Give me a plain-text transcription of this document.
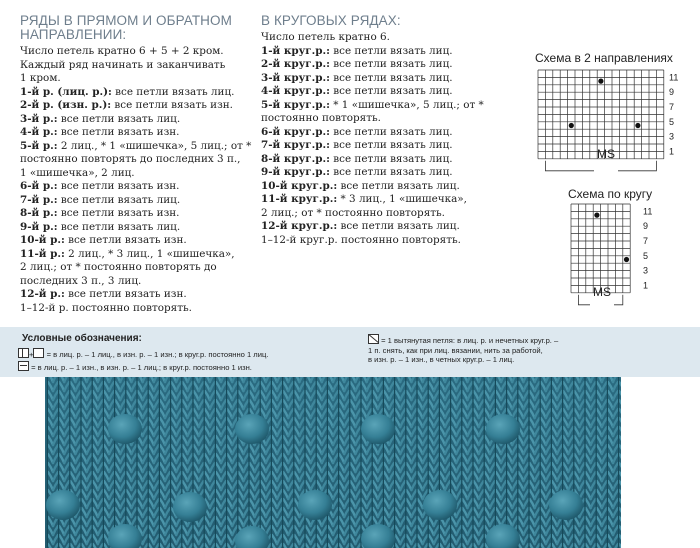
РЯДЫ В ПРЯМОМ И ОБРАТНОМ
НАПРАВЛЕНИИ:
Число петель кратно 6 + 5 + 2 кром.
Каждый ряд начинать и заканчивать
1 кром.
1-й р. (лиц. р.): все петли вязать лиц.
2-й р. (изн. р.): все петли вязать изн.
3-й р.: все петли вязать лиц.
4-й р.: все петли вязать изн.
5-й р.: 2 лиц., * 1 «шишечка», 5 лиц.; от *
постоянно повторять до последних 3 п.,
1 «шишечка», 2 лиц.
6-й р.: все петли вязать изн.
7-й р.: все петли вязать лиц.
8-й р.: все петли вязать изн.
9-й р.: все петли вязать лиц.
10-й р.: все петли вязать изн.
11-й р.: 2 лиц., * 3 лиц., 1 «шишечка»,
2 лиц.; от * постоянно повторять до
последних 3 п., 3 лиц.
12-й р.: все петли вязать изн.
1–12-й р. постоянно повторять.
В КРУГОВЫХ РЯДАХ:
Число петель кратно 6.
1-й круг.р.: все петли вязать лиц.
2-й круг.р.: все петли вязать лиц.
3-й круг.р.: все петли вязать лиц.
4-й круг.р.: все петли вязать лиц.
5-й круг.р.: * 1 «шишечка», 5 лиц.; от *
постоянно повторять.
6-й круг.р.: все петли вязать лиц.
7-й круг.р.: все петли вязать лиц.
8-й круг.р.: все петли вязать лиц.
9-й круг.р.: все петли вязать лиц.
10-й круг.р.: все петли вязать лиц.
11-й круг.р.: * 3 лиц., 1 «шишечка»,
2 лиц.; от * постоянно повторять.
12-й круг.р.: все петли вязать лиц.
1–12-й круг.р. постоянно повторять.
Схема в 2 направлениях
11
9
7
5
3
1
MS
Схема по кругу
11
9
7
5
3
1
MS
Условные обозначения:
+ = в лиц. р. – 1 лиц., в изн. р. – 1 изн.; в круг.р. постоянно 1 лиц.
= в лиц. р. – 1 изн., в изн. р. – 1 лиц.; в круг.р. постоянно 1 изн.
= 1 вытянутая петля: в лиц. р. и нечетных круг.р. –
1 п. снять, как при лиц. вязании, нить за работой,
в изн. р. – 1 изн., в четных круг.р. – 1 лиц.
